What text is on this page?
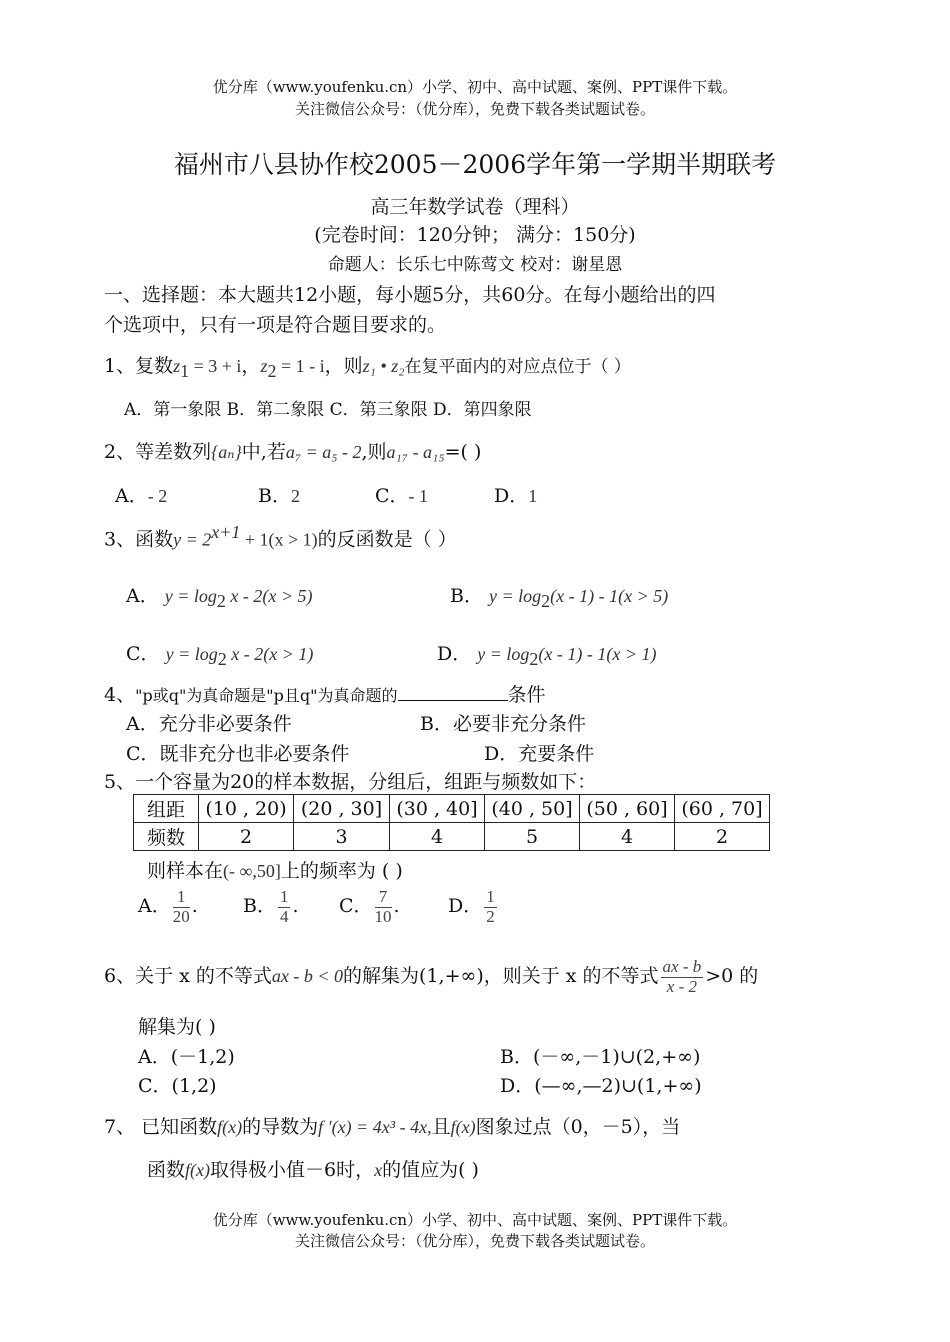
优分库（www.youfenku.cn）小学、初中、高中试题、案例、PPT课件下载。
关注微信公众号：（优分库），免费下载各类试题试卷。
福州市八县协作校2005－2006学年第一学期半期联考
高三年数学试卷（理科）
(完卷时间：120分钟； 满分：150分)
命题人：长乐七中陈莺文 校对：谢星恩
一、选择题：本大题共12小题，每小题5分，共60分。在每小题给出的四
个选项中，只有一项是符合题目要求的。
1、复数$z_1 = 3 + i$，$z_2 = 1 - i$，则z₁ • z₂在复平面内的对应点位于（ ）
A．第一象限 B．第二象限 C．第三象限 D．第四象限
2、等差数列{aₙ}中,若a₇ = a₅ - 2,则a₁₇ - a₁₅=( )
A．- 2	B．2	C．- 1	D．1
3、函数$y = 2^{x+1} + 1(x > 1)$的反函数是（ ）
A． $y = \log_2 x - 2(x > 5)$	B． $y = \log_2(x - 1) - 1(x > 5)$
C． $y = \log_2 x - 2(x > 1)$	D． $y = \log_2(x - 1) - 1(x > 1)$
4、"p或q"为真命题是"p且q"为真命题的	条件
A．充分非必要条件	B．必要非充分条件
C．既非充分也非必要条件	D．充要条件
5、一个容量为20的样本数据，分组后，组距与频数如下：
组距	(10 , 20)	(20 , 30]	(30 , 40]	(40 , 50]	(50 , 60]	(60 , 70]
频数	2	3	4	5	4	2
则样本在(- ∞,50]上的频率为 ( )
A． $\frac{1}{20}$ . B． $\frac{1}{4}$ . C． $\frac{7}{10}$ .	D． $\frac{1}{2}$
6、关于 x 的不等式ax - b < 0的解集为(1,+∞)，则关于 x 的不等式 $\frac{ax - b}{x - 2} >0$ 的
解集为( )
A．(－1,2)	B．(－∞,－1)∪(2,+∞)
C．(1,2)	D．(—∞,—2)∪(1,+∞)
7、 已知函数f(x)的导数为f ′(x) = 4x³ - 4x,且f(x)图象过点（0，－5），当
函数f(x)取得极小值－6时，x的值应为( )
优分库（www.youfenku.cn）小学、初中、高中试题、案例、PPT课件下载。
关注微信公众号：（优分库），免费下载各类试题试卷。
